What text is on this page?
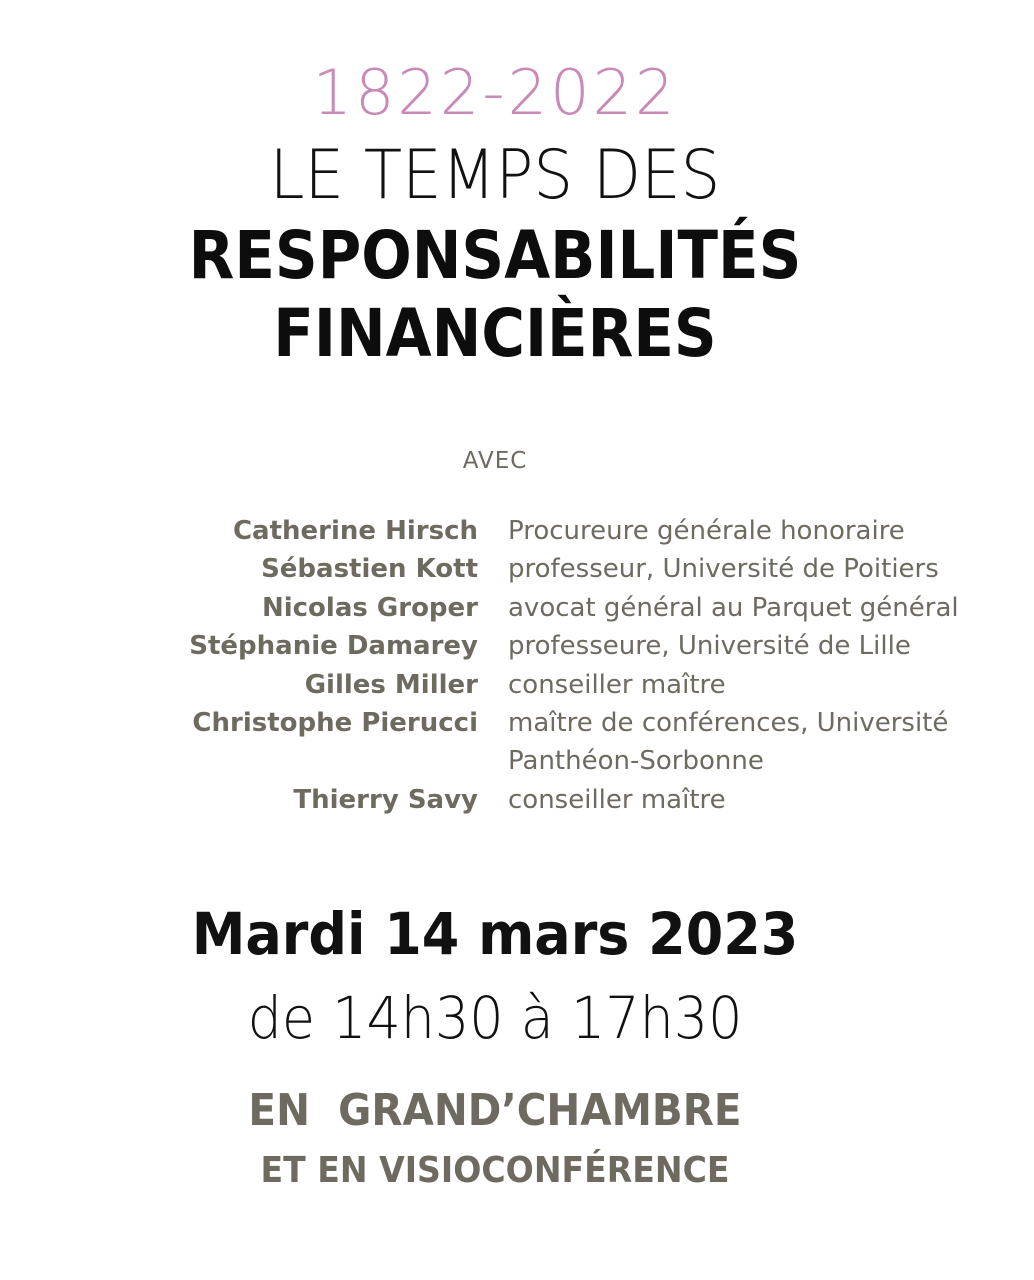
1822-2022
LE TEMPS DES
RESPONSABILITÉS
FINANCIÈRES
AVEC
Catherine Hirsch Procureure générale honoraire
Sébastien Kott professeur, Université de Poitiers
Nicolas Groper avocat général au Parquet général
Stéphanie Damarey professeure, Université de Lille
Gilles Miller conseiller maître
Christophe Pierucci maître de conférences, Université Panthéon-Sorbonne
Thierry Savy conseiller maître
Mardi 14 mars 2023
de 14h30 à 17h30
EN  GRAND’CHAMBRE
ET EN VISIOCONFÉRENCE
